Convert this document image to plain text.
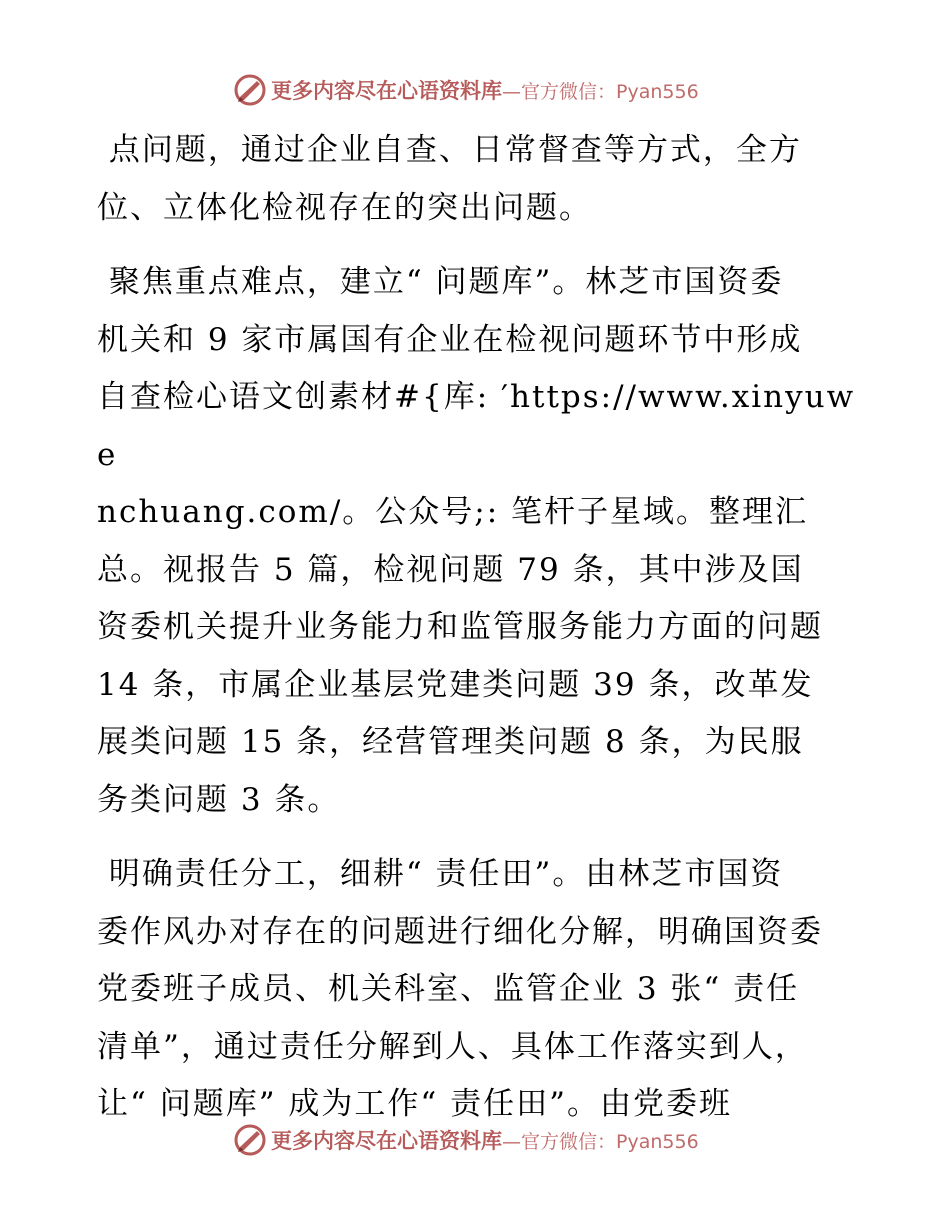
更多内容尽在心语资料库 —官方微信：Pyan556
点问题，通过企业自查、日常督查等方式，全方
位、立体化检视存在的突出问题。
聚焦重点难点，建立“ 问题库”。林芝市国资委
机关和 9 家市属国有企业在检视问题环节中形成
自查检心语文创素材#{库: ′https://www.xinyuwe
nchuang.com/。公众号;: 笔杆子星域。整理汇
总。视报告 5 篇，检视问题 79 条，其中涉及国
资委机关提升业务能力和监管服务能力方面的问题
14 条，市属企业基层党建类问题 39 条，改革发
展类问题 15 条，经营管理类问题 8 条，为民服
务类问题 3 条。
明确责任分工，细耕“ 责任田”。由林芝市国资
委作风办对存在的问题进行细化分解，明确国资委
党委班子成员、机关科室、监管企业 3 张“ 责任
清单”，通过责任分解到人、具体工作落实到人，
让“ 问题库” 成为工作“ 责任田”。由党委班
更多内容尽在心语资料库 —官方微信：Pyan556
